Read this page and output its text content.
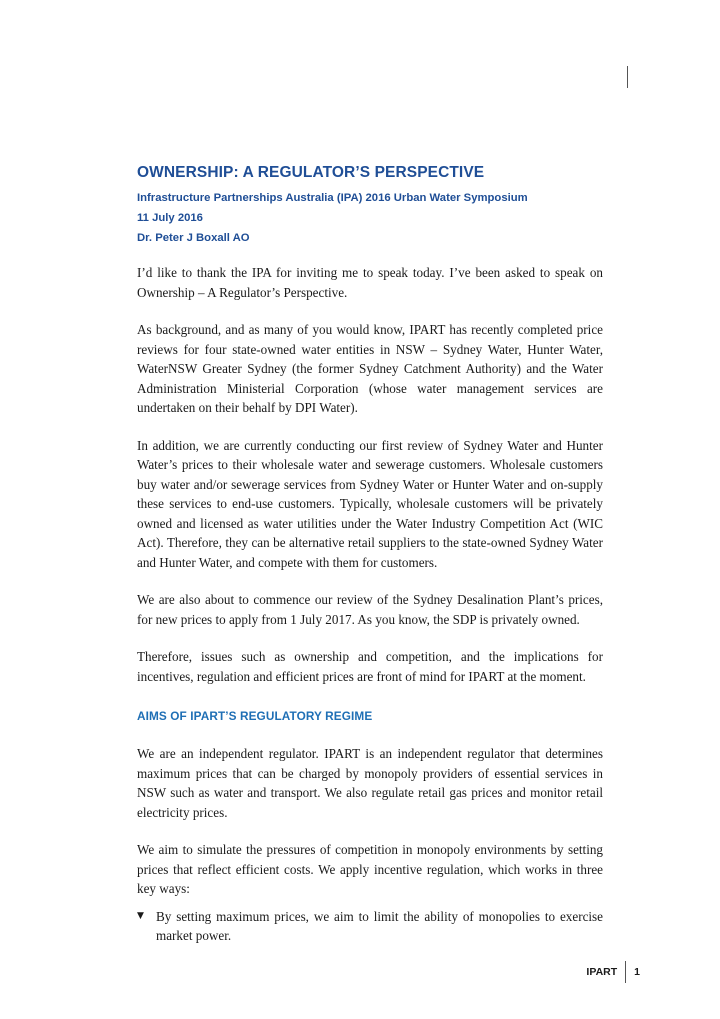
OWNERSHIP: A REGULATOR’S PERSPECTIVE

Infrastructure Partnerships Australia (IPA) 2016 Urban Water Symposium

11 July 2016

Dr. Peter J Boxall AO

I’d like to thank the IPA for inviting me to speak today. I’ve been asked to speak on Ownership – A Regulator’s Perspective.

As background, and as many of you would know, IPART has recently completed price reviews for four state-owned water entities in NSW – Sydney Water, Hunter Water, WaterNSW Greater Sydney (the former Sydney Catchment Authority) and the Water Administration Ministerial Corporation (whose water management services are undertaken on their behalf by DPI Water).

In addition, we are currently conducting our first review of Sydney Water and Hunter Water’s prices to their wholesale water and sewerage customers. Wholesale customers buy water and/or sewerage services from Sydney Water or Hunter Water and on-supply these services to end-use customers. Typically, wholesale customers will be privately owned and licensed as water utilities under the Water Industry Competition Act (WIC Act). Therefore, they can be alternative retail suppliers to the state-owned Sydney Water and Hunter Water, and compete with them for customers.

We are also about to commence our review of the Sydney Desalination Plant’s prices, for new prices to apply from 1 July 2017. As you know, the SDP is privately owned.

Therefore, issues such as ownership and competition, and the implications for incentives, regulation and efficient prices are front of mind for IPART at the moment.

AIMS OF IPART’S REGULATORY REGIME

We are an independent regulator. IPART is an independent regulator that determines maximum prices that can be charged by monopoly providers of essential services in NSW such as water and transport. We also regulate retail gas prices and monitor retail electricity prices.

We aim to simulate the pressures of competition in monopoly environments by setting prices that reflect efficient costs. We apply incentive regulation, which works in three key ways:

▼ By setting maximum prices, we aim to limit the ability of monopolies to exercise market power.
IPART 1
